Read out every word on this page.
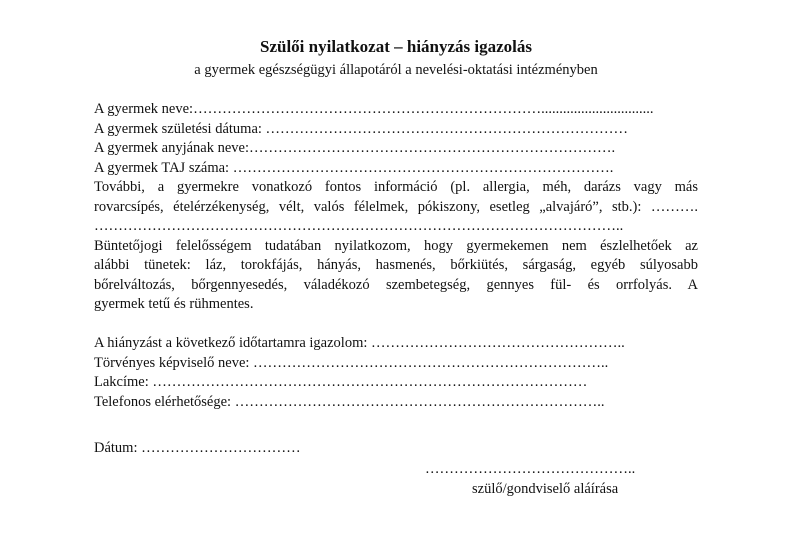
Szülői nyilatkozat – hiányzás igazolás
a gyermek egészségügyi állapotáról a nevelési-oktatási intézményben
A gyermek neve:………………………………………………………………...............................
A gyermek születési dátuma: …………………………………………………………………
A gyermek anyjának neve:………………………………………………………………….
A gyermek TAJ száma: …………………………………………………………………….
További, a gyermekre vonatkozó fontos információ (pl. allergia, méh, darázs vagy más
rovarcsípés, ételérzékenység, vélt, valós félelmek, pókiszony, esetleg „alvajáró”, stb.): ……….
………………………………………………………………………………………………..
Büntetőjogi felelősségem tudatában nyilatkozom, hogy gyermekemen nem észlelhetőek az
alábbi tünetek: láz, torokfájás, hányás, hasmenés, bőrkiütés, sárgaság, egyéb súlyosabb
bőrelváltozás, bőrgennyesedés, váladékozó szembetegség, gennyes fül- és orrfolyás. A
gyermek tetű és rühmentes.
A hiányzást a következő időtartamra igazolom: ……………………………………………..
Törvényes képviselő neve: ………………………………………………………………..
Lakcíme: ………………………………………………………………………………
Telefonos elérhetősége: …………………………………………………………………..
Dátum: ……………………………
……………………………………..
szülő/gondviselő aláírása
